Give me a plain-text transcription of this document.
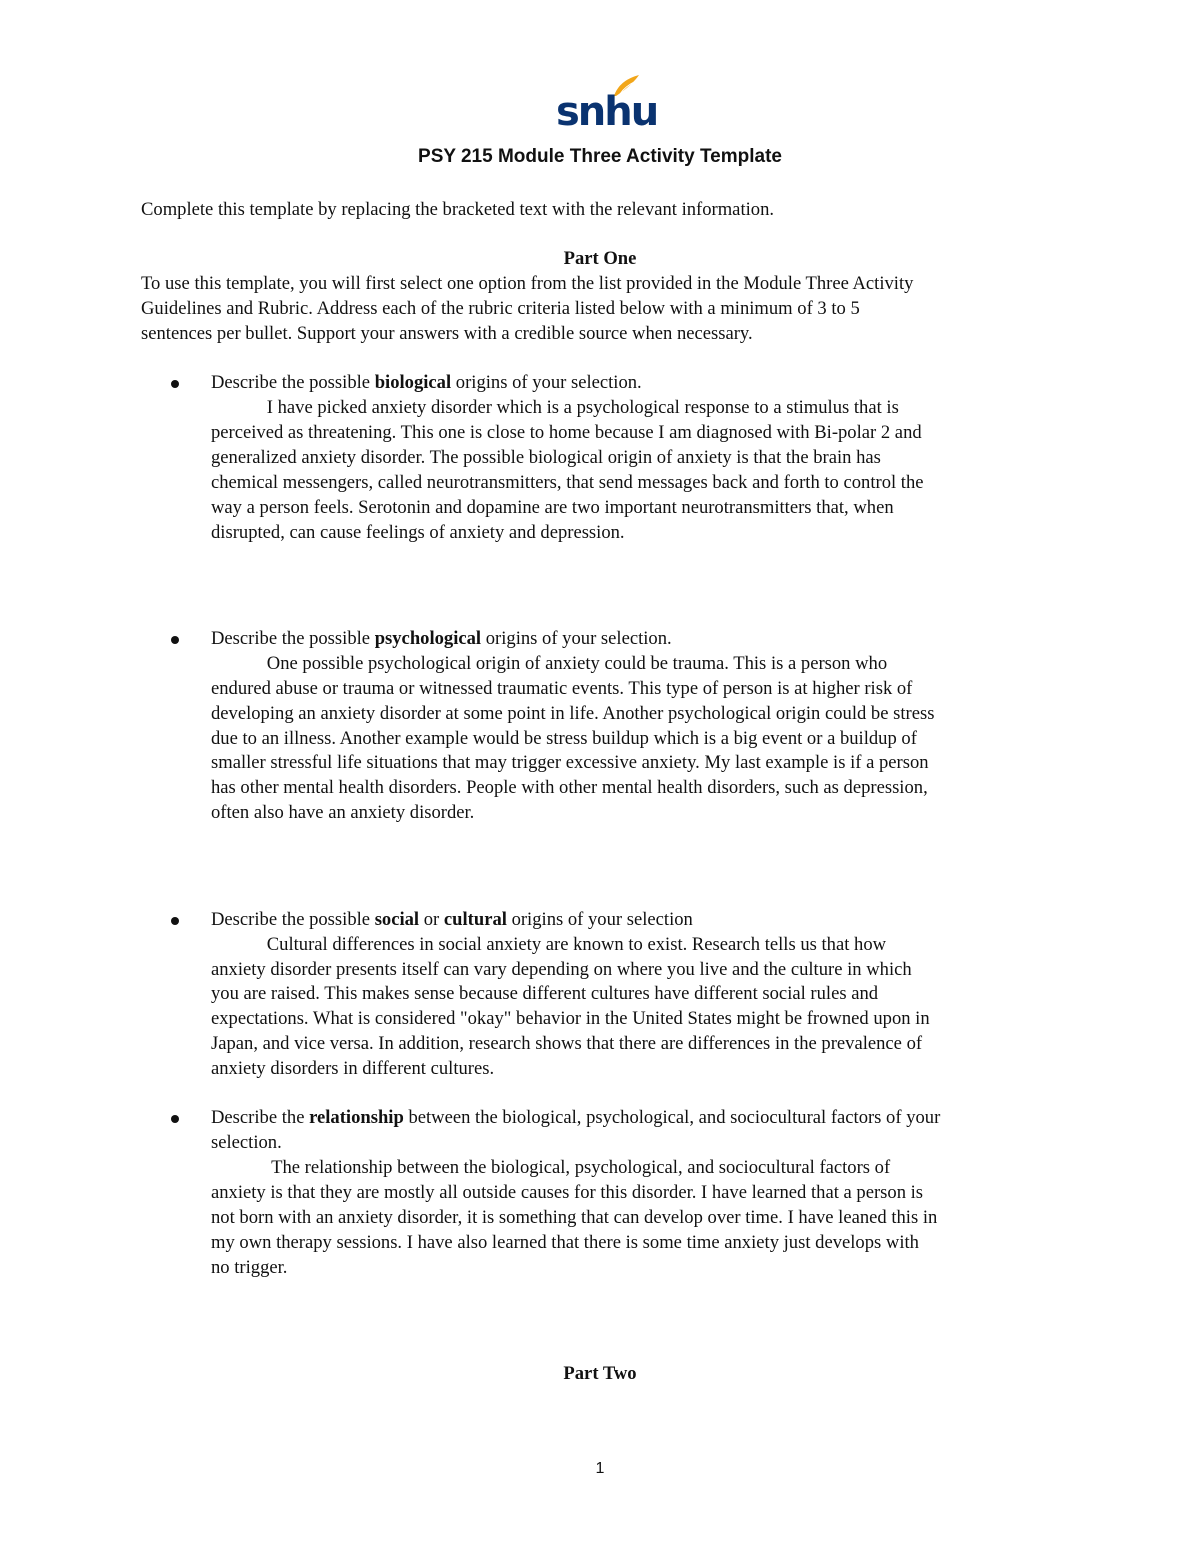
snhu
PSY 215 Module Three Activity Template
Complete this template by replacing the bracketed text with the relevant information.
Part One
To use this template, you will first select one option from the list provided in the Module Three Activity
Guidelines and Rubric. Address each of the rubric criteria listed below with a minimum of 3 to 5
sentences per bullet. Support your answers with a credible source when necessary.
Describe the possible biological origins of your selection.
I have picked anxiety disorder which is a psychological response to a stimulus that is
perceived as threatening. This one is close to home because I am diagnosed with Bi-polar 2 and
generalized anxiety disorder. The possible biological origin of anxiety is that the brain has
chemical messengers, called neurotransmitters, that send messages back and forth to control the
way a person feels. Serotonin and dopamine are two important neurotransmitters that, when
disrupted, can cause feelings of anxiety and depression.
Describe the possible psychological origins of your selection.
One possible psychological origin of anxiety could be trauma. This is a person who
endured abuse or trauma or witnessed traumatic events. This type of person is at higher risk of
developing an anxiety disorder at some point in life. Another psychological origin could be stress
due to an illness. Another example would be stress buildup which is a big event or a buildup of
smaller stressful life situations that may trigger excessive anxiety. My last example is if a person
has other mental health disorders. People with other mental health disorders, such as depression,
often also have an anxiety disorder.
Describe the possible social or cultural origins of your selection
Cultural differences in social anxiety are known to exist. Research tells us that how
anxiety disorder presents itself can vary depending on where you live and the culture in which
you are raised. This makes sense because different cultures have different social rules and
expectations. What is considered "okay" behavior in the United States might be frowned upon in
Japan, and vice versa. In addition, research shows that there are differences in the prevalence of
anxiety disorders in different cultures.
Describe the relationship between the biological, psychological, and sociocultural factors of your
selection.
The relationship between the biological, psychological, and sociocultural factors of
anxiety is that they are mostly all outside causes for this disorder. I have learned that a person is
not born with an anxiety disorder, it is something that can develop over time. I have leaned this in
my own therapy sessions. I have also learned that there is some time anxiety just develops with
no trigger.
Part Two
1
